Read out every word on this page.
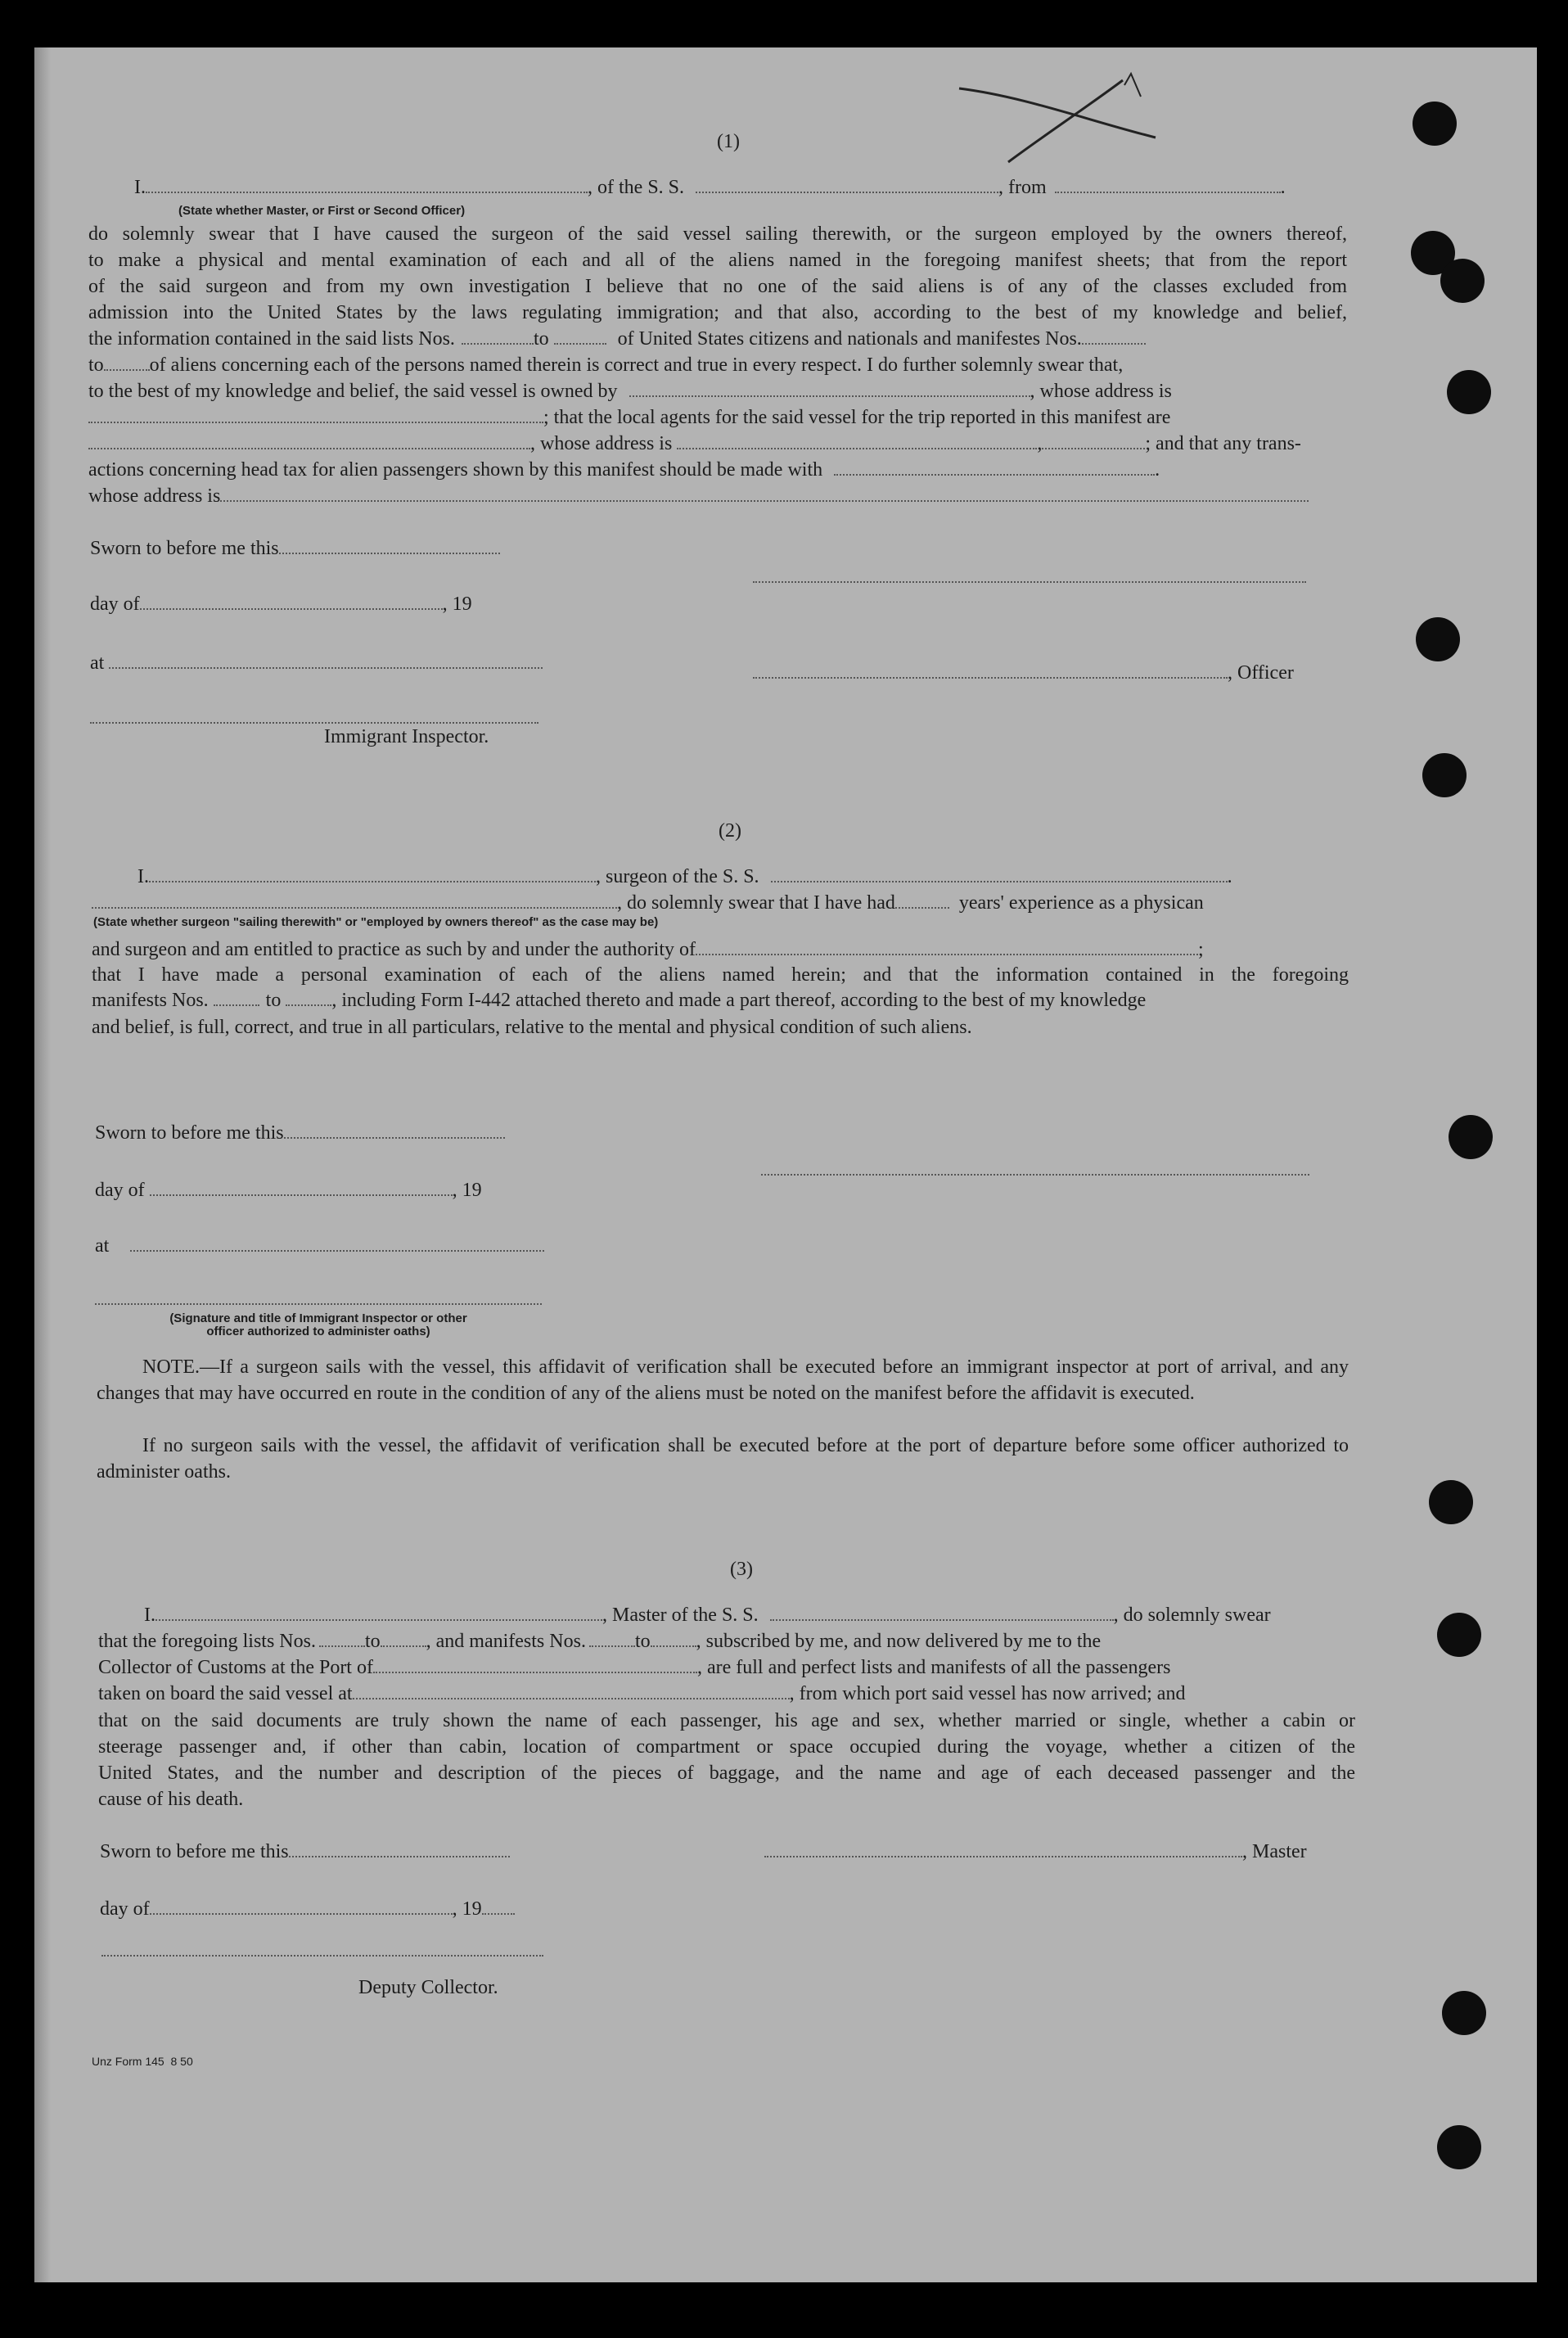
(1)
I.	, of the S. S.	, from	.
(State whether Master, or First or Second Officer)
do solemnly swear that I have caused the surgeon of the said vessel sailing therewith, or the surgeon employed by the owners thereof,
to make a physical and mental examination of each and all of the aliens named in the foregoing manifest sheets; that from the report
of the said surgeon and from my own investigation I believe that no one of the said aliens is of any of the classes excluded from
admission into the United States by the laws regulating immigration; and that also, according to the best of my knowledge and belief,
the information contained in the said lists Nos.	to	of United States citizens and nationals and manifestes Nos.
to of aliens concerning each of the persons named therein is correct and true in every respect. I do further solemnly swear that,
to the best of my knowledge and belief, the said vessel is owned by	, whose address is
; that the local agents for the said vessel for the trip reported in this manifest are
, whose address is	,	; and that any trans-
actions concerning head tax for alien passengers shown by this manifest should be made with	.
whose address is
Sworn to before me this
day of	, 19
at	, Officer
Immigrant Inspector.
(2)
I.	, surgeon of the S. S.	.
, do solemnly swear that I have had	years' experience as a physican
(State whether surgeon "sailing therewith" or "employed by owners thereof" as the case may be)
and surgeon and am entitled to practice as such by and under the authority of	;
that I have made a personal examination of each of the aliens named herein; and that the information contained in the foregoing
manifests Nos.	to	, including Form I-442 attached thereto and made a part thereof, according to the best of my knowledge
and belief, is full, correct, and true in all particulars, relative to the mental and physical condition of such aliens.
Sworn to before me this
day of	, 19
at
(Signature and title of Immigrant Inspector or other
officer authorized to administer oaths)
NOTE.—If a surgeon sails with the vessel, this affidavit of verification shall be executed before an immigrant inspector at port of arrival, and any changes that may have occurred en route in the condition of any of the aliens must be noted on the manifest before the affidavit is executed.
If no surgeon sails with the vessel, the affidavit of verification shall be executed before at the port of departure before some officer authorized to administer oaths.
(3)
I.	, Master of the S. S.	, do solemnly swear
that the foregoing lists Nos.	to , and manifests Nos.	to , subscribed by me, and now delivered by me to the
Collector of Customs at the Port of	, are full and perfect lists and manifests of all the passengers
taken on board the said vessel at	, from which port said vessel has now arrived; and
that on the said documents are truly shown the name of each passenger, his age and sex, whether married or single, whether a cabin or
steerage passenger and, if other than cabin, location of compartment or space occupied during the voyage, whether a citizen of the
United States, and the number and description of the pieces of baggage, and the name and age of each deceased passenger and the
cause of his death.
Sworn to before me this	, Master
day of	, 19
Deputy Collector.
Unz Form 145 8 50
